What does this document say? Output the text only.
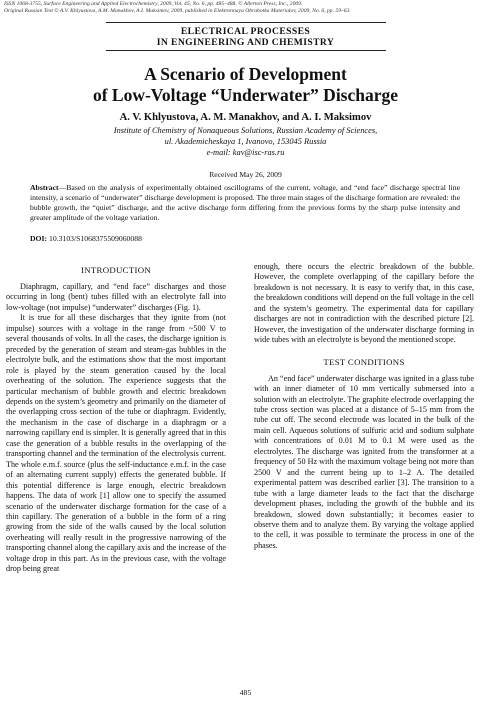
ISSN 1068-3755, Surface Engineering and Applied Electrochemistry, 2009, Vol. 45, No. 6, pp. 485–488. © Allerton Press, Inc., 2009.
Original Russian Text © A.V. Khlyustova, A.M. Manakhov, A.I. Maksimov, 2009, published in Elektronnaya Obrabotka Materialov, 2009, No. 6, pp. 59–63.
ELECTRICAL PROCESSES
IN ENGINEERING AND CHEMISTRY
A Scenario of Development
of Low-Voltage “Underwater” Discharge
A. V. Khlyustova, A. M. Manakhov, and A. I. Maksimov
Institute of Chemistry of Nonaqueous Solutions, Russian Academy of Sciences,
ul. Akademicheskaya 1, Ivanovo, 153045 Russia
e-mail: kav@isc-ras.ru
Received May 26, 2009
Abstract—Based on the analysis of experimentally obtained oscillograms of the current, voltage, and “end face” discharge spectral line intensity, a scenario of “underwater” discharge development is proposed. The three main stages of the discharge formation are revealed: the bubble growth, the “quiet” discharge, and the active discharge form differing from the previous forms by the sharp pulse intensity and greater amplitude of the voltage variation.
DOI: 10.3103/S1068375509060088
INTRODUCTION

Diaphragm, capillary, and “end face” discharges and those occurring in long (bent) tubes filled with an electrolyte fall into low-voltage (not impulse) “underwater” discharges (Fig. 1).

It is true for all these discharges that they ignite from (not impulse) sources with a voltage in the range from ~500 V to several thousands of volts. In all the cases, the discharge ignition is preceded by the generation of steam and steam-gas bubbles in the electrolyte bulk, and the estimations show that the most important role is played by the steam generation caused by the local overheating of the solution. The experience suggests that the particular mechanism of bubble growth and electric breakdown depends on the system’s geometry and primarily on the diameter of the overlapping cross section of the tube or diaphragm. Evidently, the mechanism in the case of discharge in a diaphragm or a narrowing capillary end is simpler. It is generally agreed that in this case the generation of a bubble results in the overlapping of the transporting channel and the termination of the electrolysis current. The whole e.m.f. source (plus the self-inductance e.m.f. in the case of an alternating current supply) effects the generated bubble. If this potential difference is large enough, electric breakdown happens. The data of work [1] allow one to specify the assumed scenario of the underwater discharge formation for the case of a thin capillary. The generation of a bubble in the form of a ring growing from the side of the walls caused by the local solution overheating will really result in the progressive narrowing of the transporting channel along the capillary axis and the increase of the voltage drop in this part. As in the previous case, with the voltage drop being great

enough, there occurs the electric breakdown of the bubble. However, the complete overlapping of the capillary before the breakdown is not necessary. It is easy to verify that, in this case, the breakdown conditions will depend on the full voltage in the cell and the system’s geometry. The experimental data for capillary discharges are not in contradiction with the described picture [2]. However, the investigation of the underwater discharge forming in wide tubes with an electrolyte is beyond the mentioned scope.

TEST CONDITIONS

An “end face” underwater discharge was ignited in a glass tube with an inner diameter of 10 mm vertically submersed into a solution with an electrolyte. The graphite electrode overlapping the tube cross section was placed at a distance of 5–15 mm from the tube cut off. The second electrode was located in the bulk of the main cell. Aqueous solutions of sulfuric acid and sodium sulphate with concentrations of 0.01 M to 0.1 M were used as the electrolytes. The discharge was ignited from the transformer at a frequency of 50 Hz with the maximum voltage being not more than 2500 V and the current being up to 1–2 A. The detailed experimental pattern was described earlier [3]. The transition to a tube with a large diameter leads to the fact that the discharge development phases, including the growth of the bubble and its breakdown, slowed down substantially; it becomes easier to observe them and to analyze them. By varying the voltage applied to the cell, it was possible to terminate the process in one of the phases.

485
